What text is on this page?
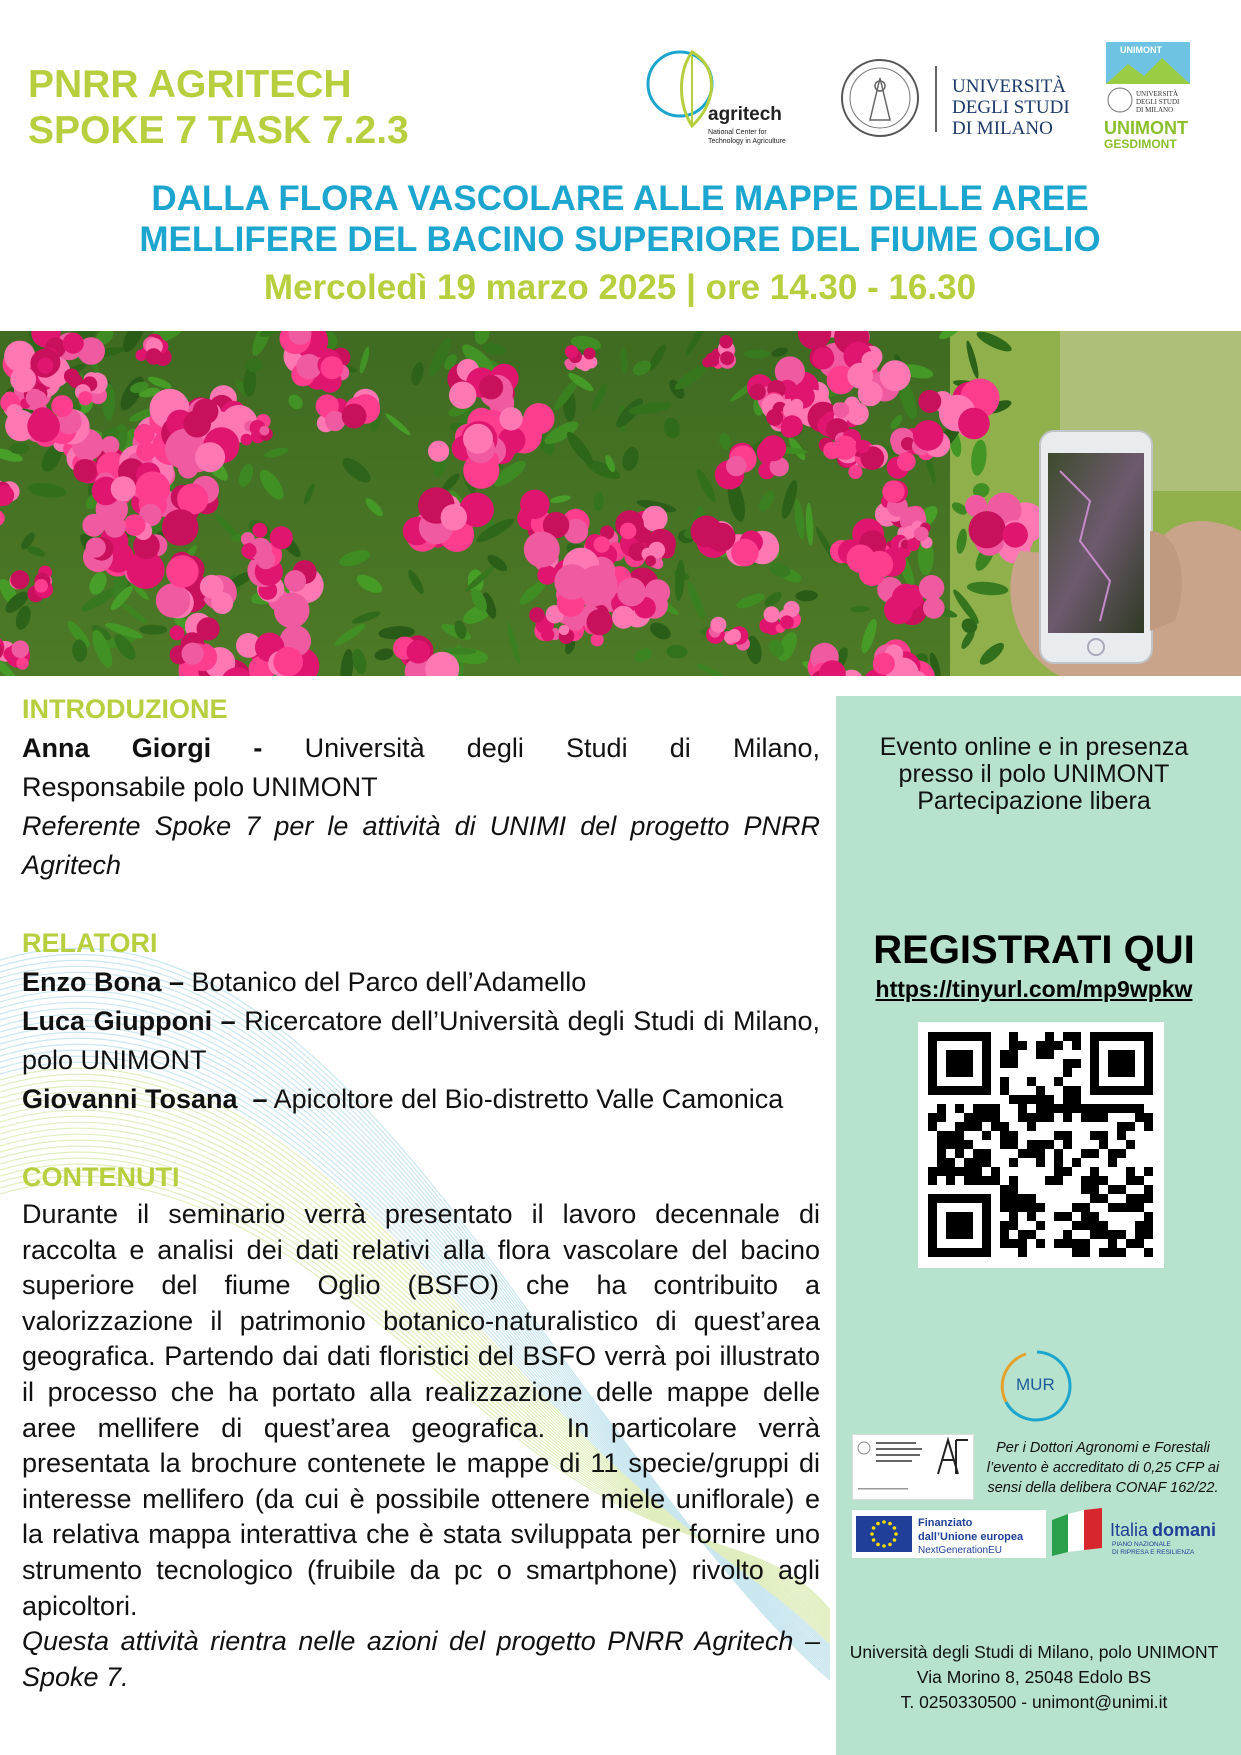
PNRR AGRITECH
SPOKE 7 TASK 7.2.3	agritech
National Center for
Technology in Agriculture
UNIVERSITÀ
DEGLI STUDI
DI MILANO
UNIMONT
UNIVERSITÀ
DEGLI STUDI
DI MILANO
UNIMONT
GESDIMONT
DALLA FLORA VASCOLARE ALLE MAPPE DELLE AREE
MELLIFERE DEL BACINO SUPERIORE DEL FIUME OGLIO
Mercoledì 19 marzo 2025 | ore 14.30 - 16.30
INTRODUZIONE
Anna Giorgi - Università degli Studi di Milano,
Responsabile polo UNIMONT
Referente Spoke 7 per le attività di UNIMI del progetto PNRR Agritech
RELATORI
Enzo Bona – Botanico del Parco dell’Adamello
Luca Giupponi – Ricercatore dell’Università degli Studi di Milano, polo UNIMONT
Giovanni Tosana  – Apicoltore del Bio-distretto Valle Camonica
CONTENUTI
Durante il seminario verrà presentato il lavoro decennale di raccolta e analisi dei dati relativi alla flora vascolare del bacino superiore del fiume Oglio (BSFO) che ha contribuito a valorizzazione il patrimonio botanico-naturalistico di quest’area geografica. Partendo dai dati floristici del BSFO verrà poi illustrato il processo che ha portato alla realizzazione delle mappe delle aree mellifere di quest’area geografica. In particolare verrà presentata la brochure contenete le mappe di 11 specie/gruppi di interesse mellifero (da cui è possibile ottenere miele uniflorale) e la relativa mappa interattiva che è stata sviluppata per fornire uno strumento tecnologico (fruibile da pc o smartphone) rivolto agli apicoltori.
Questa attività rientra nelle azioni del progetto PNRR Agritech – Spoke 7.
Evento online e in presenza
presso il polo UNIMONT
Partecipazione libera
REGISTRATI QUI
https://tinyurl.com/mp9wpkw
MUR
Per i Dottori Agronomi e Forestali
l’evento è accreditato di 0,25 CFP ai
sensi della delibera CONAF 162/22.
Finanziato
dall’Unione europea
NextGenerationEU
Italia domani
PIANO NAZIONALE
DI RIPRESA E RESILIENZA
Università degli Studi di Milano, polo UNIMONT
Via Morino 8, 25048 Edolo BS
T. 0250330500 - unimont@unimi.it
